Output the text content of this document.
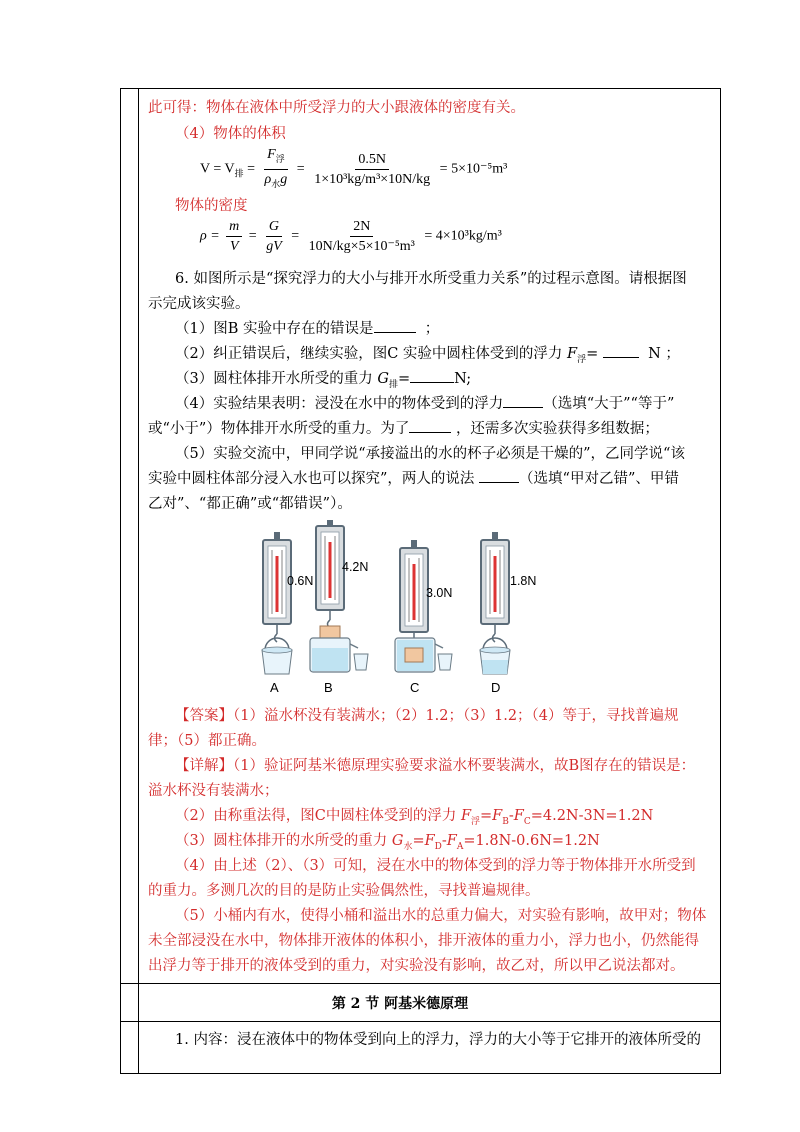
此可得：物体在液体中所受浮力的大小跟液体的密度有关。
（4）物体的体积
$V = V_排 = \frac{F_浮}{\rho_水g} = \frac{0.5N}{\text{1×10³kg/m³×10N/kg}} = 5\times 10^{-5}m^3$
物体的密度
$\rho = \frac{m}{V} = \frac{G}{gV} = \frac{2N}{\text{10N/kg×5×10⁻⁵m³}} = 4\times 10^3kg/m^3$
6. 如图所示是“探究浮力的大小与排开水所受重力关系”的过程示意图。请根据图
示完成该实验。
（1）图B 实验中存在的错误是	；
（2）纠正错误后，继续实验，图C 实验中圆柱体受到的浮力 $F_浮=$	N ；
（3）圆柱体排开水所受的重力 $G_排=$	N;
（4）实验结果表明：浸没在水中的物体受到的浮力	（选填“大于”“等于”
或“小于”）物体排开水所受的重力。为了	，还需多次实验获得多组数据；
（5）实验交流中，甲同学说“承接溢出的水的杯子必须是干燥的”，乙同学说“该
实验中圆柱体部分浸入水也可以探究”，两人的说法	（选填“甲对乙错”、甲错
乙对”、“都正确”或“都错误”）。
0.6N
4.2N
3.0N
1.8N
A	B	C	D
【答案】（1）溢水杯没有装满水；（2）1.2；（3）1.2；（4）等于，寻找普遍规
律；（5）都正确。
【详解】（1）验证阿基米德原理实验要求溢水杯要装满水，故B图存在的错误是：
溢水杯没有装满水；
（2）由称重法得，图C中圆柱体受到的浮力 $F_浮=F_B-F_C=4.2N-3N=1.2N$
（3）圆柱体排开的水所受的重力 $G_水=F_D-F_A=1.8N-0.6N=1.2N$
（4）由上述（2）、（3）可知，浸在水中的物体受到的浮力等于物体排开水所受到
的重力。多测几次的目的是防止实验偶然性，寻找普遍规律。
（5）小桶内有水，使得小桶和溢出水的总重力偏大，对实验有影响，故甲对；物体
未全部浸没在水中，物体排开液体的体积小，排开液体的重力小，浮力也小，仍然能得
出浮力等于排开的液体受到的重力，对实验没有影响，故乙对，所以甲乙说法都对。
第 2 节 阿基米德原理
1. 内容：浸在液体中的物体受到向上的浮力，浮力的大小等于它排开的液体所受的
